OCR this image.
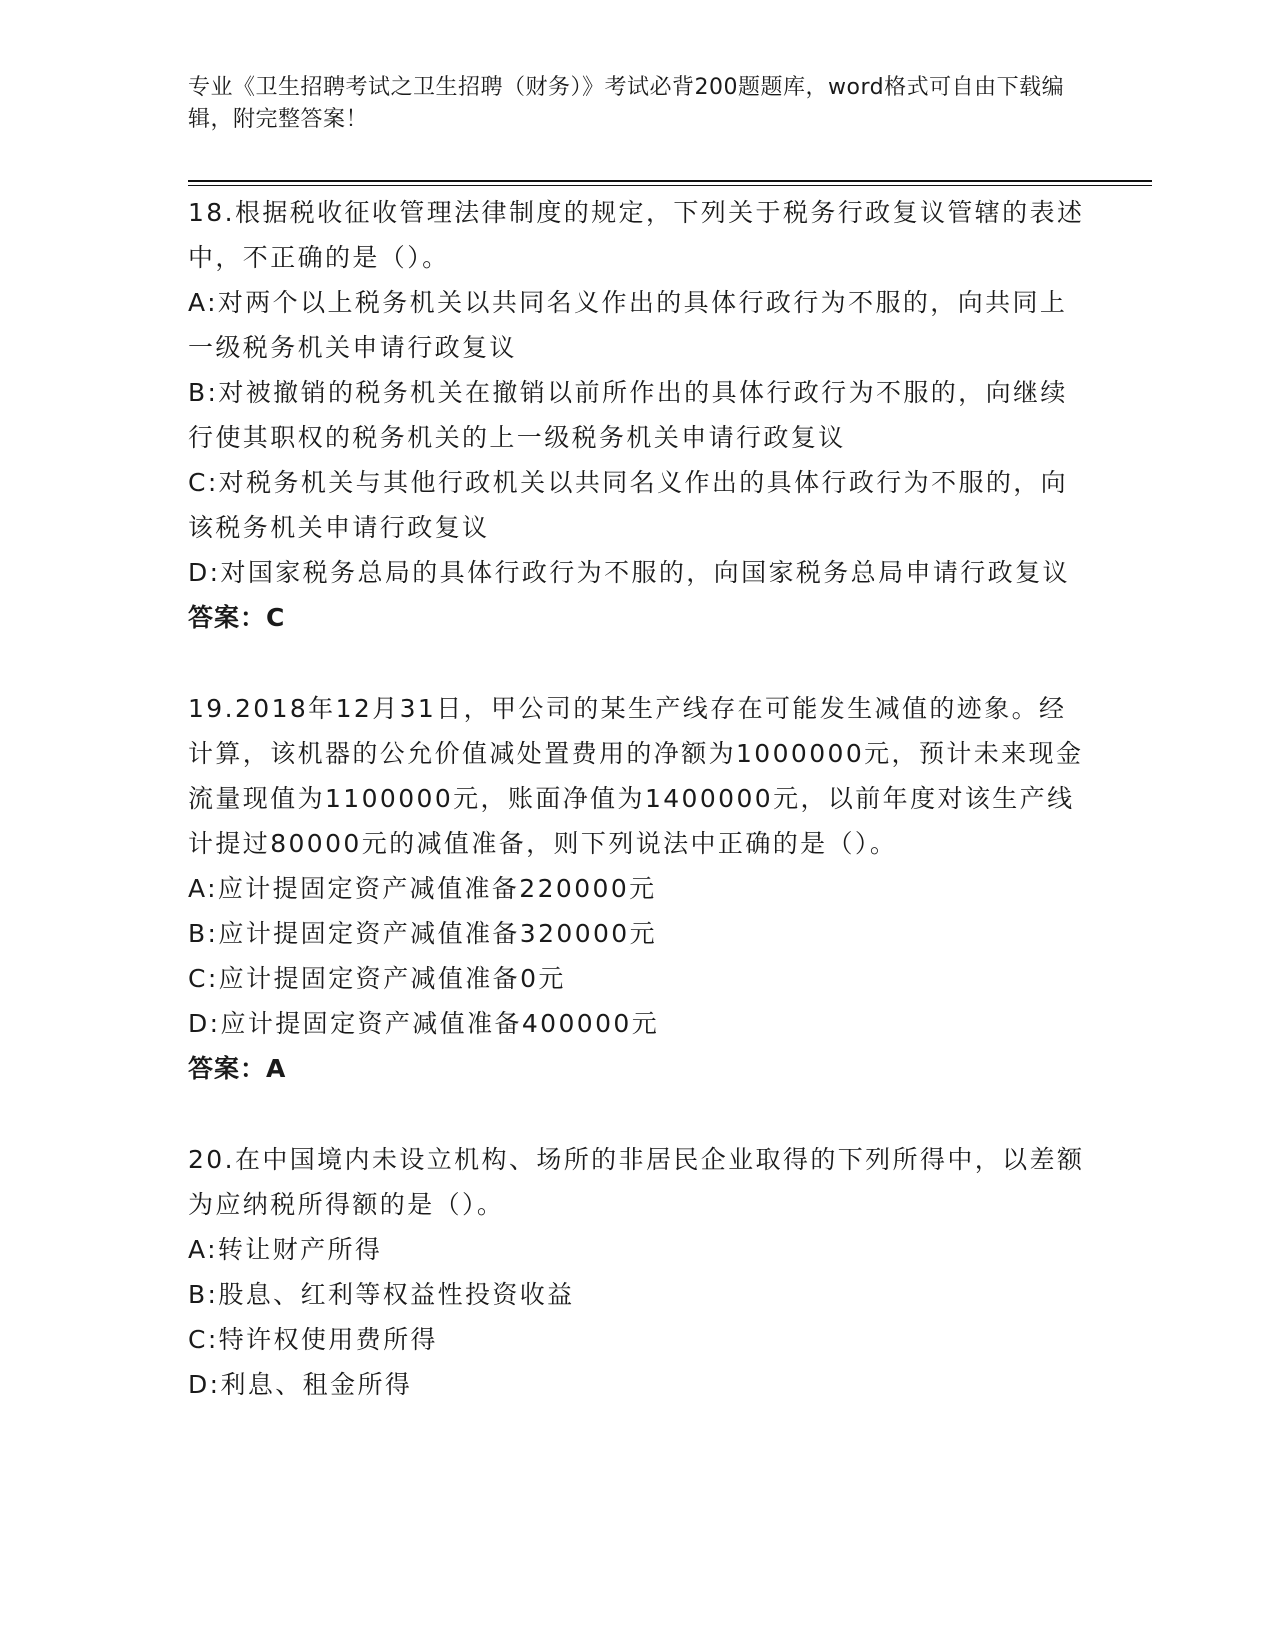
专业《卫生招聘考试之卫生招聘（财务）》考试必背200题题库，word格式可自由下载编辑，附完整答案！

18.根据税收征收管理法律制度的规定，下列关于税务行政复议管辖的表述中，不正确的是（）。

A:对两个以上税务机关以共同名义作出的具体行政行为不服的，向共同上一级税务机关申请行政复议

B:对被撤销的税务机关在撤销以前所作出的具体行政行为不服的，向继续行使其职权的税务机关的上一级税务机关申请行政复议

C:对税务机关与其他行政机关以共同名义作出的具体行政行为不服的，向该税务机关申请行政复议

D:对国家税务总局的具体行政行为不服的，向国家税务总局申请行政复议

答案：C

19.2018年12月31日，甲公司的某生产线存在可能发生减值的迹象。经计算，该机器的公允价值减处置费用的净额为1000000元，预计未来现金流量现值为1100000元，账面净值为1400000元，以前年度对该生产线计提过80000元的减值准备，则下列说法中正确的是（）。

A:应计提固定资产减值准备220000元

B:应计提固定资产减值准备320000元

C:应计提固定资产减值准备0元

D:应计提固定资产减值准备400000元

答案：A

20.在中国境内未设立机构、场所的非居民企业取得的下列所得中，以差额为应纳税所得额的是（）。

A:转让财产所得

B:股息、红利等权益性投资收益

C:特许权使用费所得

D:利息、租金所得
